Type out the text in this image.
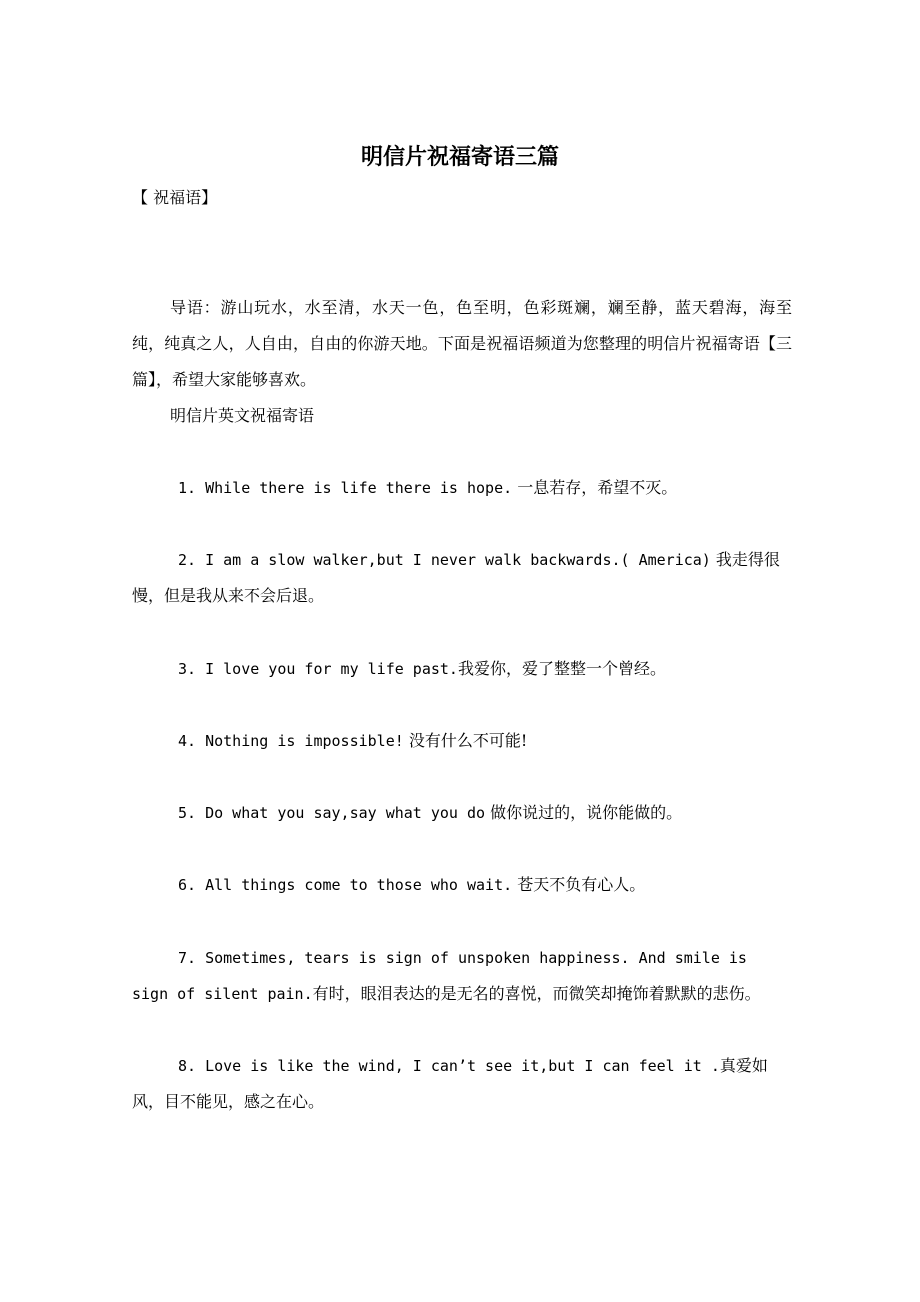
明信片祝福寄语三篇
【 祝福语】

导语：游山玩水，水至清，水天一色，色至明，色彩斑斓，斓至静，蓝天碧海，海至纯，纯真之人，人自由，自由的你游天地。下面是祝福语频道为您整理的明信片祝福寄语【三篇】，希望大家能够喜欢。

明信片英文祝福寄语

1. While there is life there is hope. 一息若存，希望不灭。

2. I am a slow walker,but I never walk backwards.( America) 我走得很慢，但是我从来不会后退。

3. I love you for my life past.我爱你，爱了整整一个曾经。

4. Nothing is impossible! 没有什么不可能!

5. Do what you say,say what you do 做你说过的，说你能做的。

6. All things come to those who wait. 苍天不负有心人。

7. Sometimes, tears is sign of unspoken happiness. And smile is sign of silent pain.有时，眼泪表达的是无名的喜悦，而微笑却掩饰着默默的悲伤。

8. Love is like the wind, I can’t see it,but I can feel it .真爱如风，目不能见，感之在心。
